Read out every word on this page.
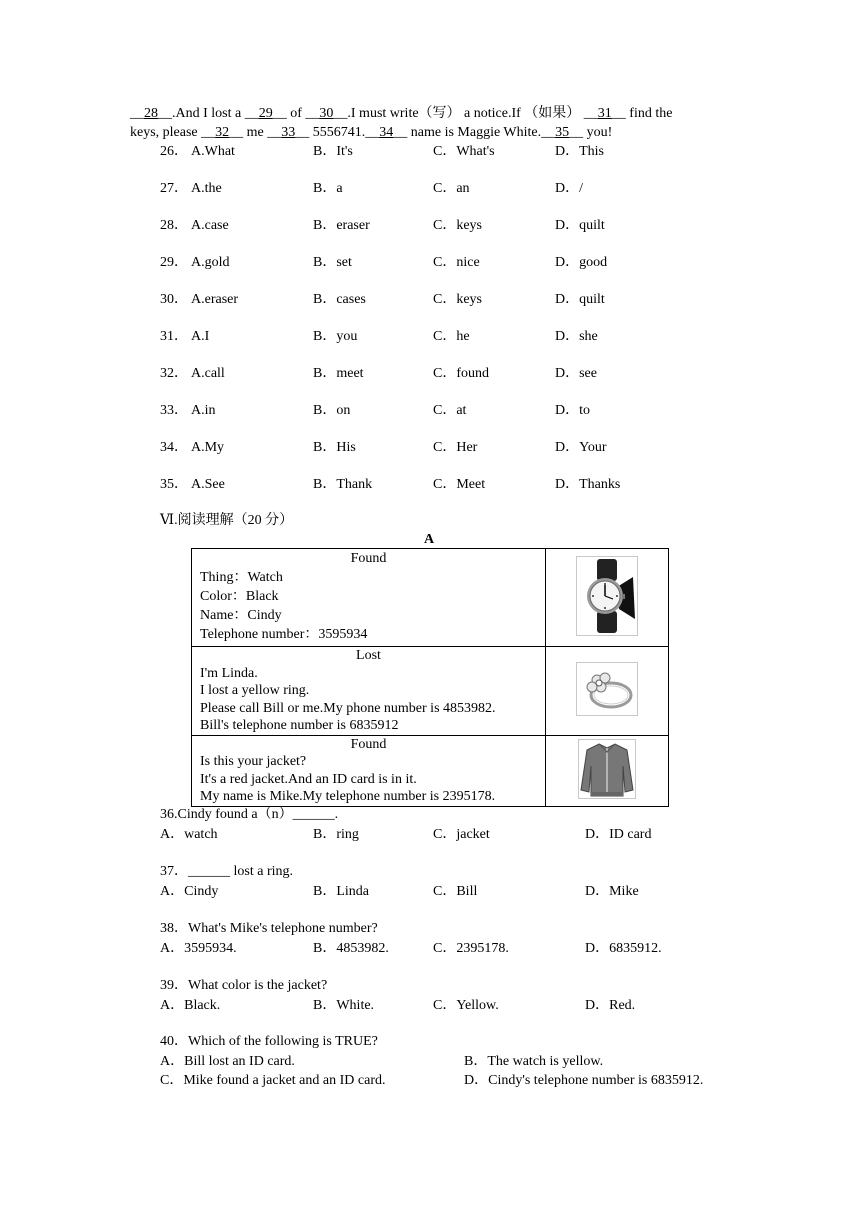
__28__.And I lost a __29__ of __30__.I must write（写） a notice.If （如果） __31__ find the
keys, please __32__ me __33__ 5556741.__34__ name is Maggie White.__35__ you!
26． A.What	B．It's	C．What's	D．This
27． A.the	B．a	C．an	D．/
28． A.case	B．eraser	C．keys	D．quilt
29． A.gold	B．set	C．nice	D．good
30． A.eraser	B．cases	C．keys	D．quilt
31． A.I	B．you	C．he	D．she
32． A.call	B．meet	C．found	D．see
33． A.in	B．on	C．at	D．to
34． A.My	B．His	C．Her	D．Your
35． A.See	B．Thank	C．Meet	D．Thanks
Ⅵ.阅读理解（20 分）
A
Found
Thing：Watch
Color：Black
Name：Cindy
Telephone number：3595934

Lost
I'm Linda.
I lost a yellow ring.
Please call Bill or me.My phone number is 4853982.
Bill's telephone number is 6835912

Found
Is this your jacket?
It's a red jacket.And an ID card is in it.
My name is Mike.My telephone number is 2395178.

36.Cindy found a（n）______.
A．watch	B．ring	C．jacket	D．ID card
37．______ lost a ring.
A．Cindy	B．Linda	C．Bill	D．Mike
38．What's Mike's telephone number?
A．3595934.	B．4853982.	C．2395178.	D．6835912.
39．What color is the jacket?
A．Black.	B．White.	C．Yellow.	D．Red.
40．Which of the following is TRUE?
A．Bill lost an ID card.	B．The watch is yellow.
C．Mike found a jacket and an ID card.	D．Cindy's telephone number is 6835912.
